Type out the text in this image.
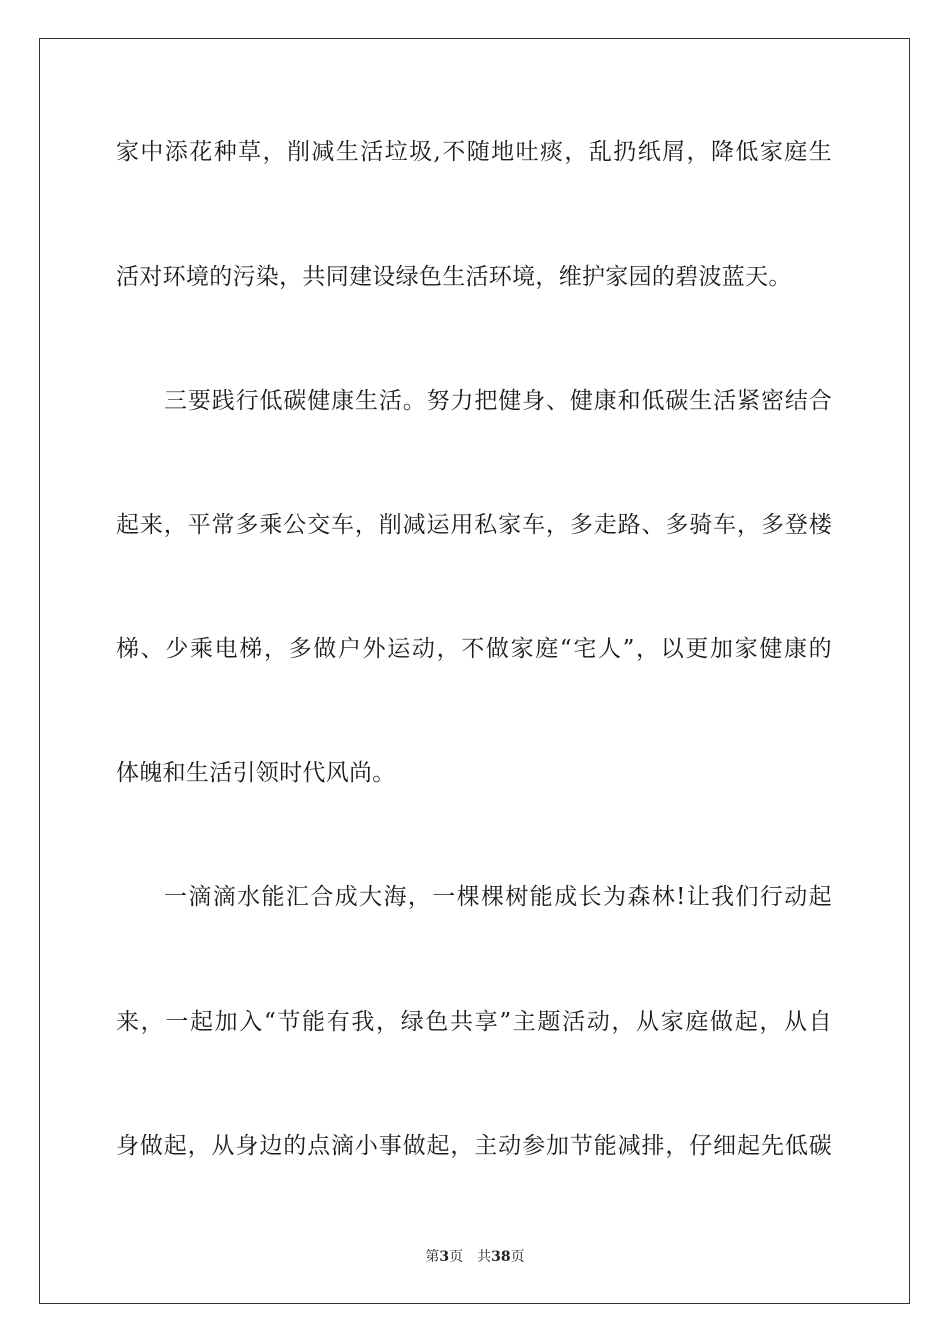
家中添花种草，削减生活垃圾,不随地吐痰，乱扔纸屑，降低家庭生
活对环境的污染，共同建设绿色生活环境，维护家园的碧波蓝天。
三要践行低碳健康生活。努力把健身、健康和低碳生活紧密结合
起来，平常多乘公交车，削减运用私家车，多走路、多骑车，多登楼
梯、少乘电梯，多做户外运动，不做家庭“宅人”，以更加家健康的
体魄和生活引领时代风尚。
一滴滴水能汇合成大海，一棵棵树能成长为森林!让我们行动起
来，一起加入“节能有我，绿色共享”主题活动，从家庭做起，从自
身做起，从身边的点滴小事做起，主动参加节能减排，仔细起先低碳
第3页 共38页
